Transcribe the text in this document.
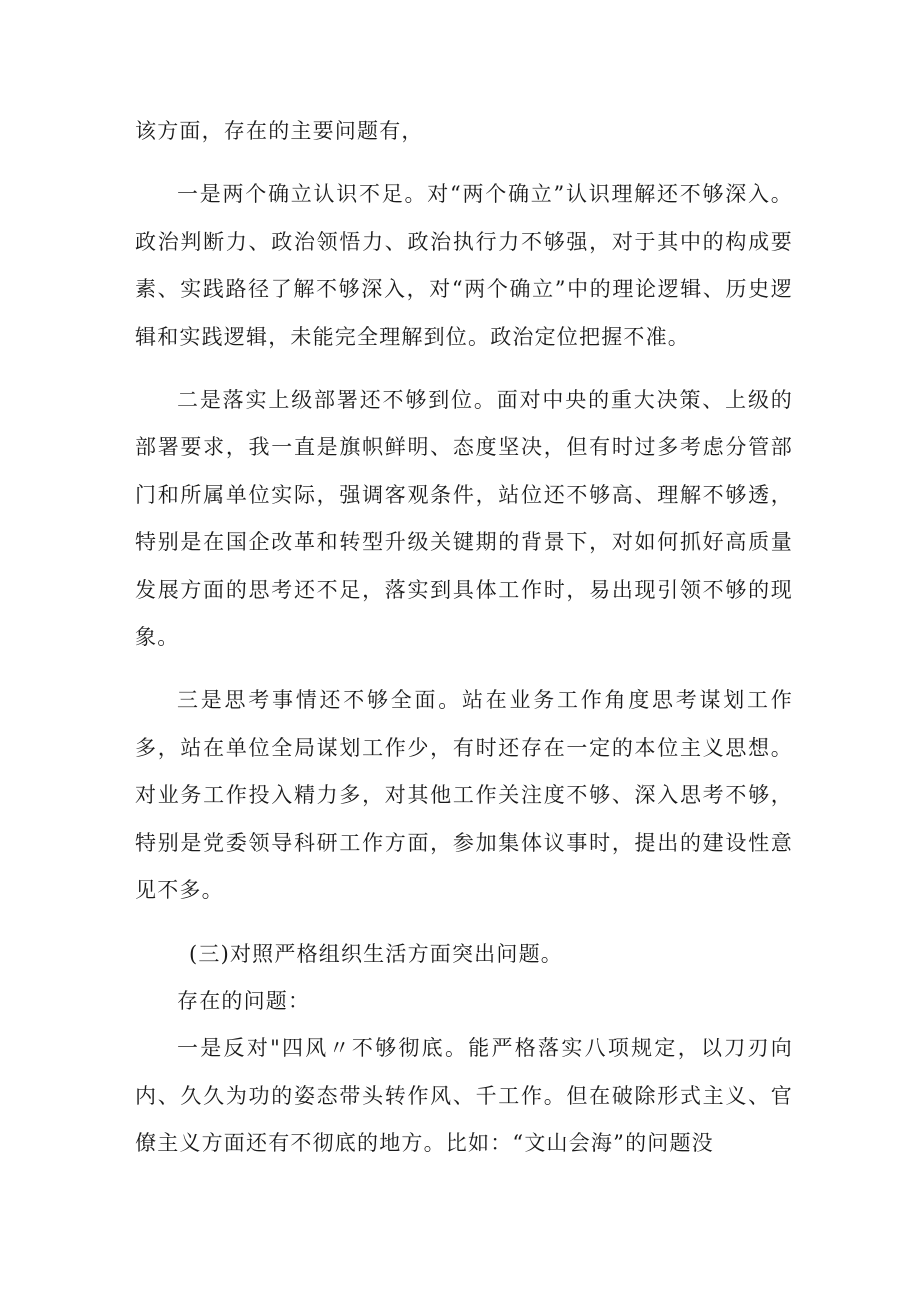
该方面，存在的主要问题有，

一是两个确立认识不足。对“两个确立”认识理解还不够深入。政治判断力、政治领悟力、政治执行力不够强，对于其中的构成要素、实践路径了解不够深入，对“两个确立”中的理论逻辑、历史逻辑和实践逻辑，未能完全理解到位。政治定位把握不准。

二是落实上级部署还不够到位。面对中央的重大决策、上级的部署要求，我一直是旗帜鲜明、态度坚决，但有时过多考虑分管部门和所属单位实际，强调客观条件，站位还不够高、理解不够透，特别是在国企改革和转型升级关键期的背景下，对如何抓好高质量发展方面的思考还不足，落实到具体工作时，易出现引领不够的现象。

三是思考事情还不够全面。站在业务工作角度思考谋划工作多，站在单位全局谋划工作少，有时还存在一定的本位主义思想。对业务工作投入精力多，对其他工作关注度不够、深入思考不够，特别是党委领导科研工作方面，参加集体议事时，提出的建设性意见不多。

(三)对照严格组织生活方面突出问题。

存在的问题：

一是反对"四风〃不够彻底。能严格落实八项规定，以刀刃向内、久久为功的姿态带头转作风、千工作。但在破除形式主义、官僚主义方面还有不彻底的地方。比如：“文山会海”的问题没
